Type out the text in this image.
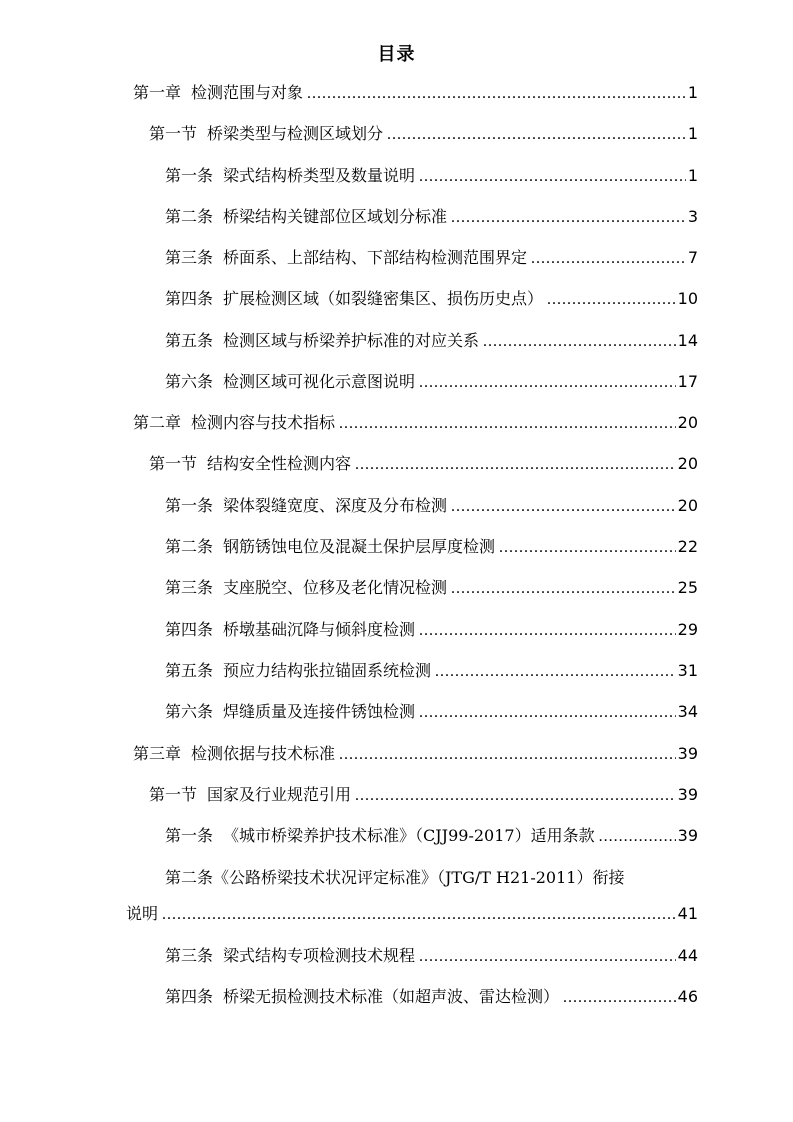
目录
第一章 检测范围与对象 .....	1
第一节 桥梁类型与检测区域划分 .....	1
第一条 梁式结构桥类型及数量说明 .....	1
第二条 桥梁结构关键部位区域划分标准 .....	3
第三条 桥面系、上部结构、下部结构检测范围界定 .....	7
第四条 扩展检测区域（如裂缝密集区、损伤历史点） .....	10
第五条 检测区域与桥梁养护标准的对应关系 .....	14
第六条 检测区域可视化示意图说明 .....	17
第二章 检测内容与技术指标 .....	20
第一节 结构安全性检测内容 .....	20
第一条 梁体裂缝宽度、深度及分布检测 .....	20
第二条 钢筋锈蚀电位及混凝土保护层厚度检测 .....	22
第三条 支座脱空、位移及老化情况检测 .....	25
第四条 桥墩基础沉降与倾斜度检测 .....	29
第五条 预应力结构张拉锚固系统检测 .....	31
第六条 焊缝质量及连接件锈蚀检测 .....	34
第三章 检测依据与技术标准 .....	39
第一节 国家及行业规范引用 .....	39
第一条 《城市桥梁养护技术标准》（CJJ99-2017）适用条款 .....	39
第二条《公路桥梁技术状况评定标准》（JTG/T H21-2011）衔接
说明 .....	41
第三条 梁式结构专项检测技术规程 .....	44
第四条 桥梁无损检测技术标准（如超声波、雷达检测） .....	46
